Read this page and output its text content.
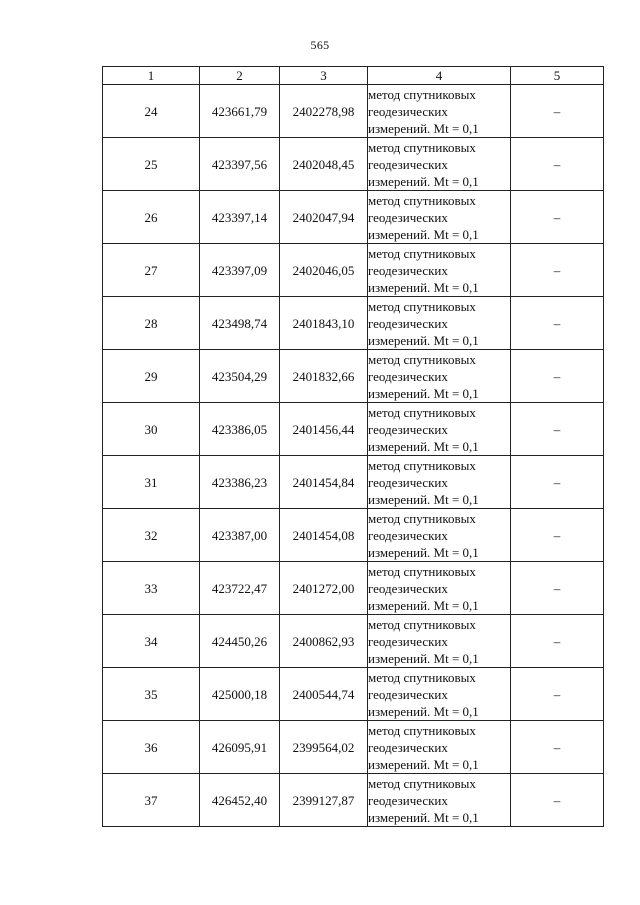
565
1	2	3	4	5
24	423661,79	2402278,98	метод спутниковых
геодезических
измерений. Mt = 0,1	–
25	423397,56	2402048,45	метод спутниковых
геодезических
измерений. Mt = 0,1	–
26	423397,14	2402047,94	метод спутниковых
геодезических
измерений. Mt = 0,1	–
27	423397,09	2402046,05	метод спутниковых
геодезических
измерений. Mt = 0,1	–
28	423498,74	2401843,10	метод спутниковых
геодезических
измерений. Mt = 0,1	–
29	423504,29	2401832,66	метод спутниковых
геодезических
измерений. Mt = 0,1	–
30	423386,05	2401456,44	метод спутниковых
геодезических
измерений. Mt = 0,1	–
31	423386,23	2401454,84	метод спутниковых
геодезических
измерений. Mt = 0,1	–
32	423387,00	2401454,08	метод спутниковых
геодезических
измерений. Mt = 0,1	–
33	423722,47	2401272,00	метод спутниковых
геодезических
измерений. Mt = 0,1	–
34	424450,26	2400862,93	метод спутниковых
геодезических
измерений. Mt = 0,1	–
35	425000,18	2400544,74	метод спутниковых
геодезических
измерений. Mt = 0,1	–
36	426095,91	2399564,02	метод спутниковых
геодезических
измерений. Mt = 0,1	–
37	426452,40	2399127,87	метод спутниковых
геодезических
измерений. Mt = 0,1	–
